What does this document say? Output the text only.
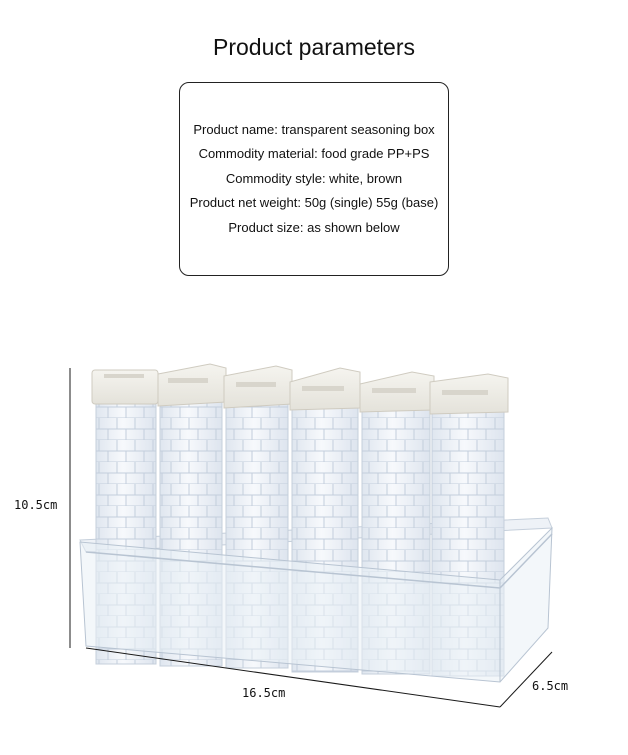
Product parameters
Product name: transparent seasoning box
Commodity material: food grade PP+PS
Commodity style: white, brown
Product net weight: 50g (single) 55g (base)
Product size: as shown below
10.5cm
16.5cm	6.5cm
